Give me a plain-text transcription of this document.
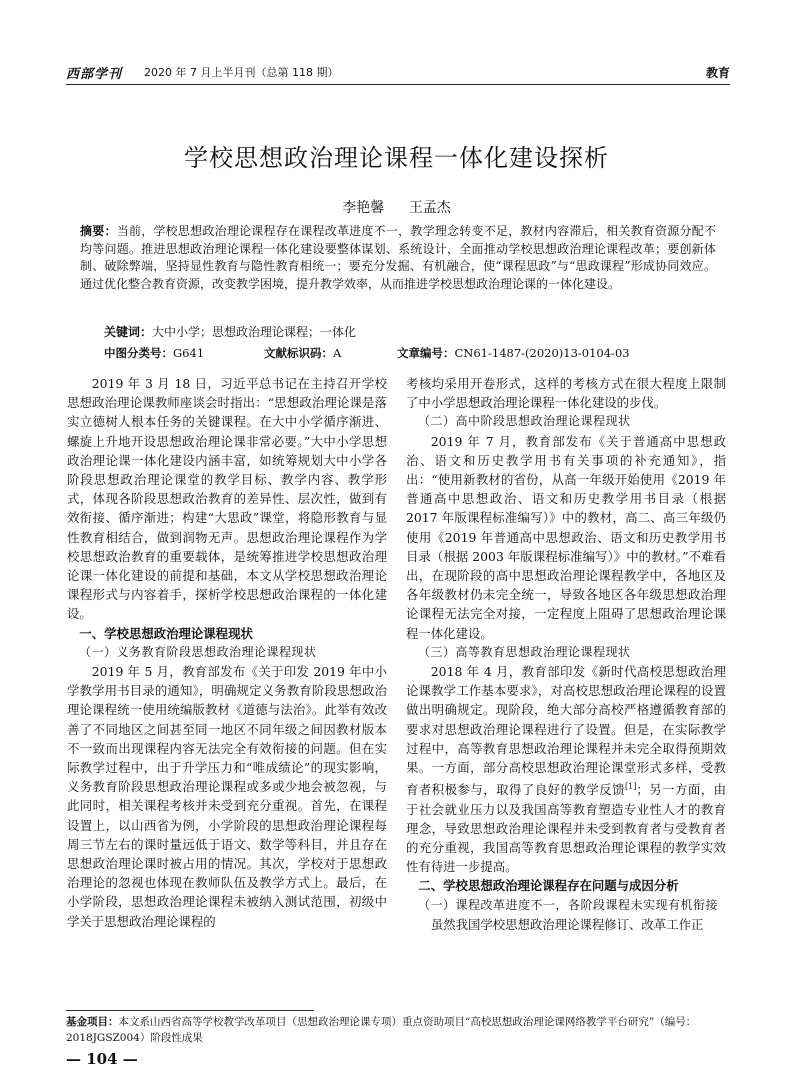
西部学刊 2020 年 7 月上半月刊（总第 118 期）	教育
学校思想政治理论课程一体化建设探析
李艳馨 王孟杰
摘要：当前，学校思想政治理论课程存在课程改革进度不一，教学理念转变不足，教材内容滞后，相关教育资源分配不均等问题。推进思想政治理论课程一体化建设要整体谋划、系统设计，全面推动学校思想政治理论课程改革；要创新体制、破除弊端，坚持显性教育与隐性教育相统一；要充分发掘、有机融合，使“课程思政”与“思政课程”形成协同效应。通过优化整合教育资源，改变教学困境，提升教学效率，从而推进学校思想政治理论课的一体化建设。
关键词：大中小学；思想政治理论课程；一体化
中图分类号：G641	文献标识码：A	文章编号：CN61-1487-(2020)13-0104-03

2019 年 3 月 18 日，习近平总书记在主持召开学校思想政治理论课教师座谈会时指出：“思想政治理论课是落实立德树人根本任务的关键课程。在大中小学循序渐进、螺旋上升地开设思想政治理论课非常必要。”大中小学思想政治理论课一体化建设内涵丰富，如统筹规划大中小学各阶段思想政治理论课堂的教学目标、教学内容、教学形式，体现各阶段思想政治教育的差异性、层次性，做到有效衔接、循序渐进；构建“大思政”课堂，将隐形教育与显性教育相结合，做到润物无声。思想政治理论课程作为学校思想政治教育的重要载体，是统筹推进学校思想政治理论课一体化建设的前提和基础，本文从学校思想政治理论课程形式与内容着手，探析学校思想政治课程的一体化建设。

一、学校思想政治理论课程现状
（一）义务教育阶段思想政治理论课程现状

2019 年 5 月，教育部发布《关于印发 2019 年中小学教学用书目录的通知》，明确规定义务教育阶段思想政治理论课程统一使用统编版教材《道德与法治》。此举有效改善了不同地区之间甚至同一地区不同年级之间因教材版本不一致而出现课程内容无法完全有效衔接的问题。但在实际教学过程中，出于升学压力和“唯成绩论”的现实影响，义务教育阶段思想政治理论课程或多或少地会被忽视，与此同时，相关课程考核并未受到充分重视。首先，在课程设置上，以山西省为例，小学阶段的思想政治理论课程每周三节左右的课时量远低于语文、数学等科目，并且存在思想政治理论课时被占用的情况。其次，学校对于思想政治理论的忽视也体现在教师队伍及教学方式上。最后，在小学阶段，思想政治理论课程未被纳入测试范围，初级中学关于思想政治理论课程的

考核均采用开卷形式，这样的考核方式在很大程度上限制了中小学思想政治理论课程一体化建设的步伐。

（二）高中阶段思想政治理论课程现状

2019 年 7 月，教育部发布《关于普通高中思想政治、语文和历史教学用书有关事项的补充通知》，指出：“使用新教材的省份，从高一年级开始使用《2019 年普通高中思想政治、语文和历史教学用书目录（根据 2017 年版课程标准编写）》中的教材，高二、高三年级仍使用《2019 年普通高中思想政治、语文和历史教学用书目录（根据 2003 年版课程标准编写）》中的教材。”不难看出，在现阶段的高中思想政治理论课程教学中，各地区及各年级教材仍未完全统一，导致各地区各年级思想政治理论课程无法完全对接，一定程度上阻碍了思想政治理论课程一体化建设。

（三）高等教育思想政治理论课程现状

2018 年 4 月，教育部印发《新时代高校思想政治理论课教学工作基本要求》，对高校思想政治理论课程的设置做出明确规定。现阶段，绝大部分高校严格遵循教育部的要求对思想政治理论课程进行了设置。但是，在实际教学过程中，高等教育思想政治理论课程并未完全取得预期效果。一方面，部分高校思想政治理论课堂形式多样，受教育者积极参与，取得了良好的教学反馈[1]；另一方面，由于社会就业压力以及我国高等教育塑造专业性人才的教育理念，导致思想政治理论课程并未受到教育者与受教育者的充分重视，我国高等教育思想政治理论课程的教学实效性有待进一步提高。

二、学校思想政治理论课程存在问题与成因分析
（一）课程改革进度不一，各阶段课程未实现有机衔接

虽然我国学校思想政治理论课程修订、改革工作正

基金项目：本文系山西省高等学校教学改革项目（思想政治理论课专项）重点资助项目“高校思想政治理论课网络教学平台研究”（编号：2018JGSZ004）阶段性成果
— 104 —
